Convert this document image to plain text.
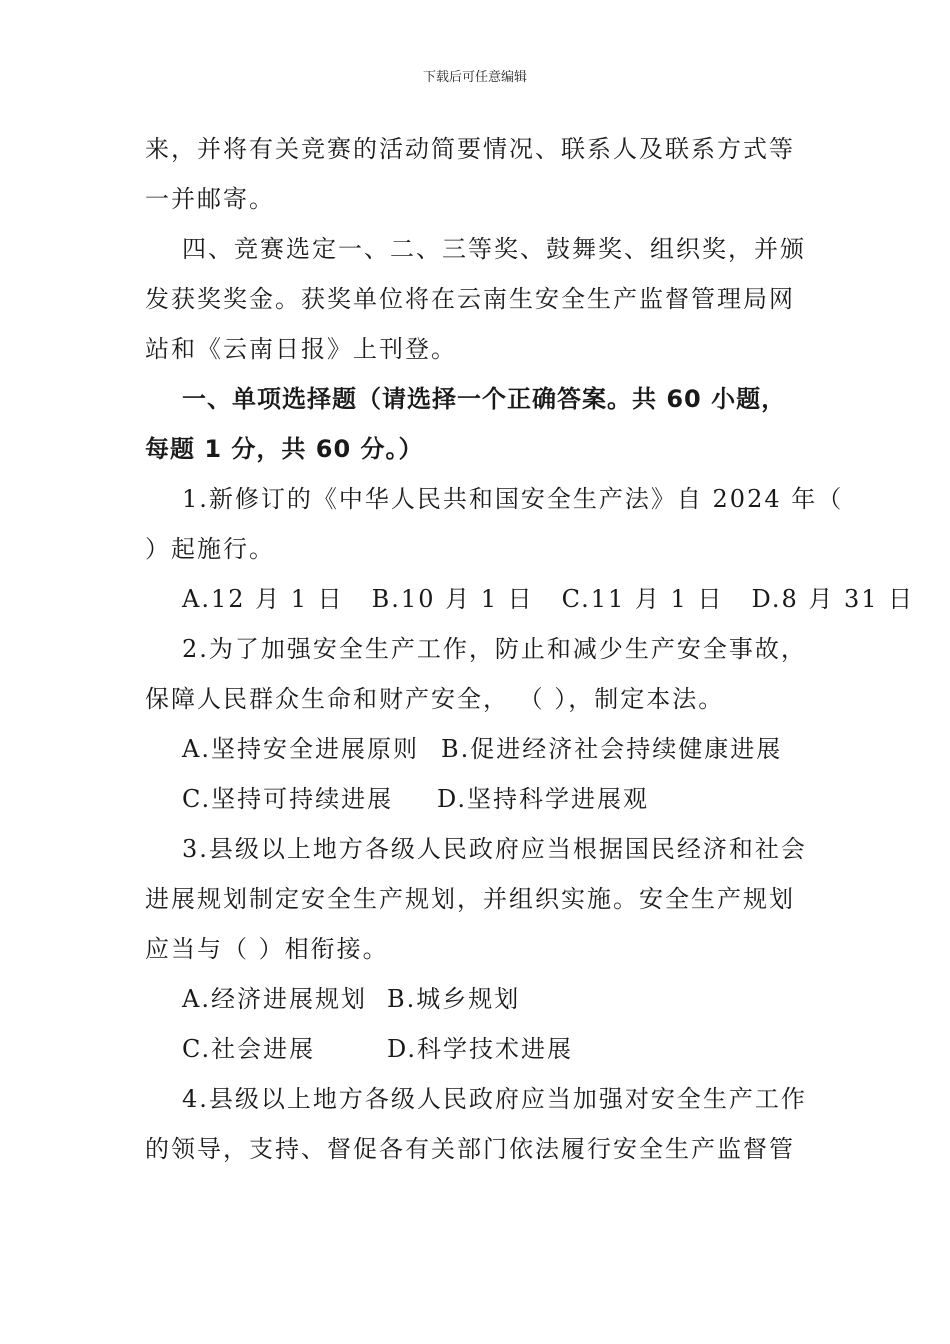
下载后可任意编辑
来，并将有关竞赛的活动简要情况、联系人及联系方式等
一并邮寄。
四、竞赛选定一、二、三等奖、鼓舞奖、组织奖，并颁
发获奖奖金。获奖单位将在云南生安全生产监督管理局网
站和《云南日报》上刊登。
一、单项选择题（请选择一个正确答案。共 60 小题，
每题 1 分，共 60 分。）
1.新修订的《中华人民共和国安全生产法》自 2024 年（
）起施行。
A.12 月 1 日 B.10 月 1 日 C.11 月 1 日 D.8 月 31 日
2.为了加强安全生产工作，防止和减少生产安全事故，
保障人民群众生命和财产安全， （ ），制定本法。
A.坚持安全进展原则 B.促进经济社会持续健康进展
C.坚持可持续进展 D.坚持科学进展观
3.县级以上地方各级人民政府应当根据国民经济和社会
进展规划制定安全生产规划，并组织实施。安全生产规划
应当与（ ）相衔接。
A.经济进展规划 B.城乡规划
C.社会进展	D.科学技术进展
4.县级以上地方各级人民政府应当加强对安全生产工作
的领导，支持、督促各有关部门依法履行安全生产监督管
